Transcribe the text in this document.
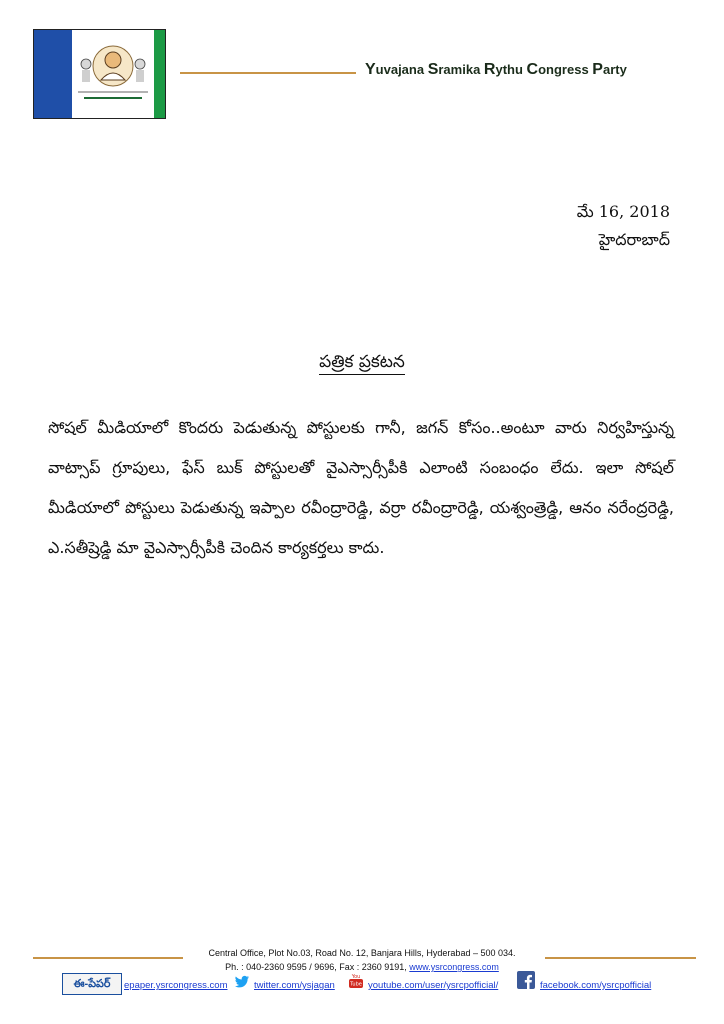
Yuvajana Sramika Rythu Congress Party
మే 16, 2018
హైదరాబాద్
పత్రిక ప్రకటన
సోషల్ మీడియాలో కొందరు పెడుతున్న పోస్టులకు గానీ, జగన్ కోసం..అంటూ వారు నిర్వహిస్తున్న వాట్సాప్ గ్రూపులు, ఫేస్ బుక్ పోస్టులతో వైఎస్సార్సీపీకి ఎలాంటి సంబంధం లేదు. ఇలా సోషల్ మీడియాలో పోస్టులు పెడుతున్న ఇప్పాల రవీంద్రారెడ్డి, వర్రా రవీంద్రారెడ్డి, యశ్వంత్రెడ్డి, ఆనం నరేంద్రరెడ్డి, ఎ.సతీష్రెడ్డి మా వైఎస్సార్సీపీకి చెందిన కార్యకర్తలు కాదు.
Central Office, Plot No.03, Road No. 12, Banjara Hills, Hyderabad – 500 034.
Ph. : 040-2360 9595 / 9696, Fax : 2360 9191, www.ysrcongress.com
ఈ-పేపర్	epaper.ysrcongress.com	twitter.com/ysjagan
You
Tube youtube.com/user/ysrcpofficial/	facebook.com/ysrcpofficial
